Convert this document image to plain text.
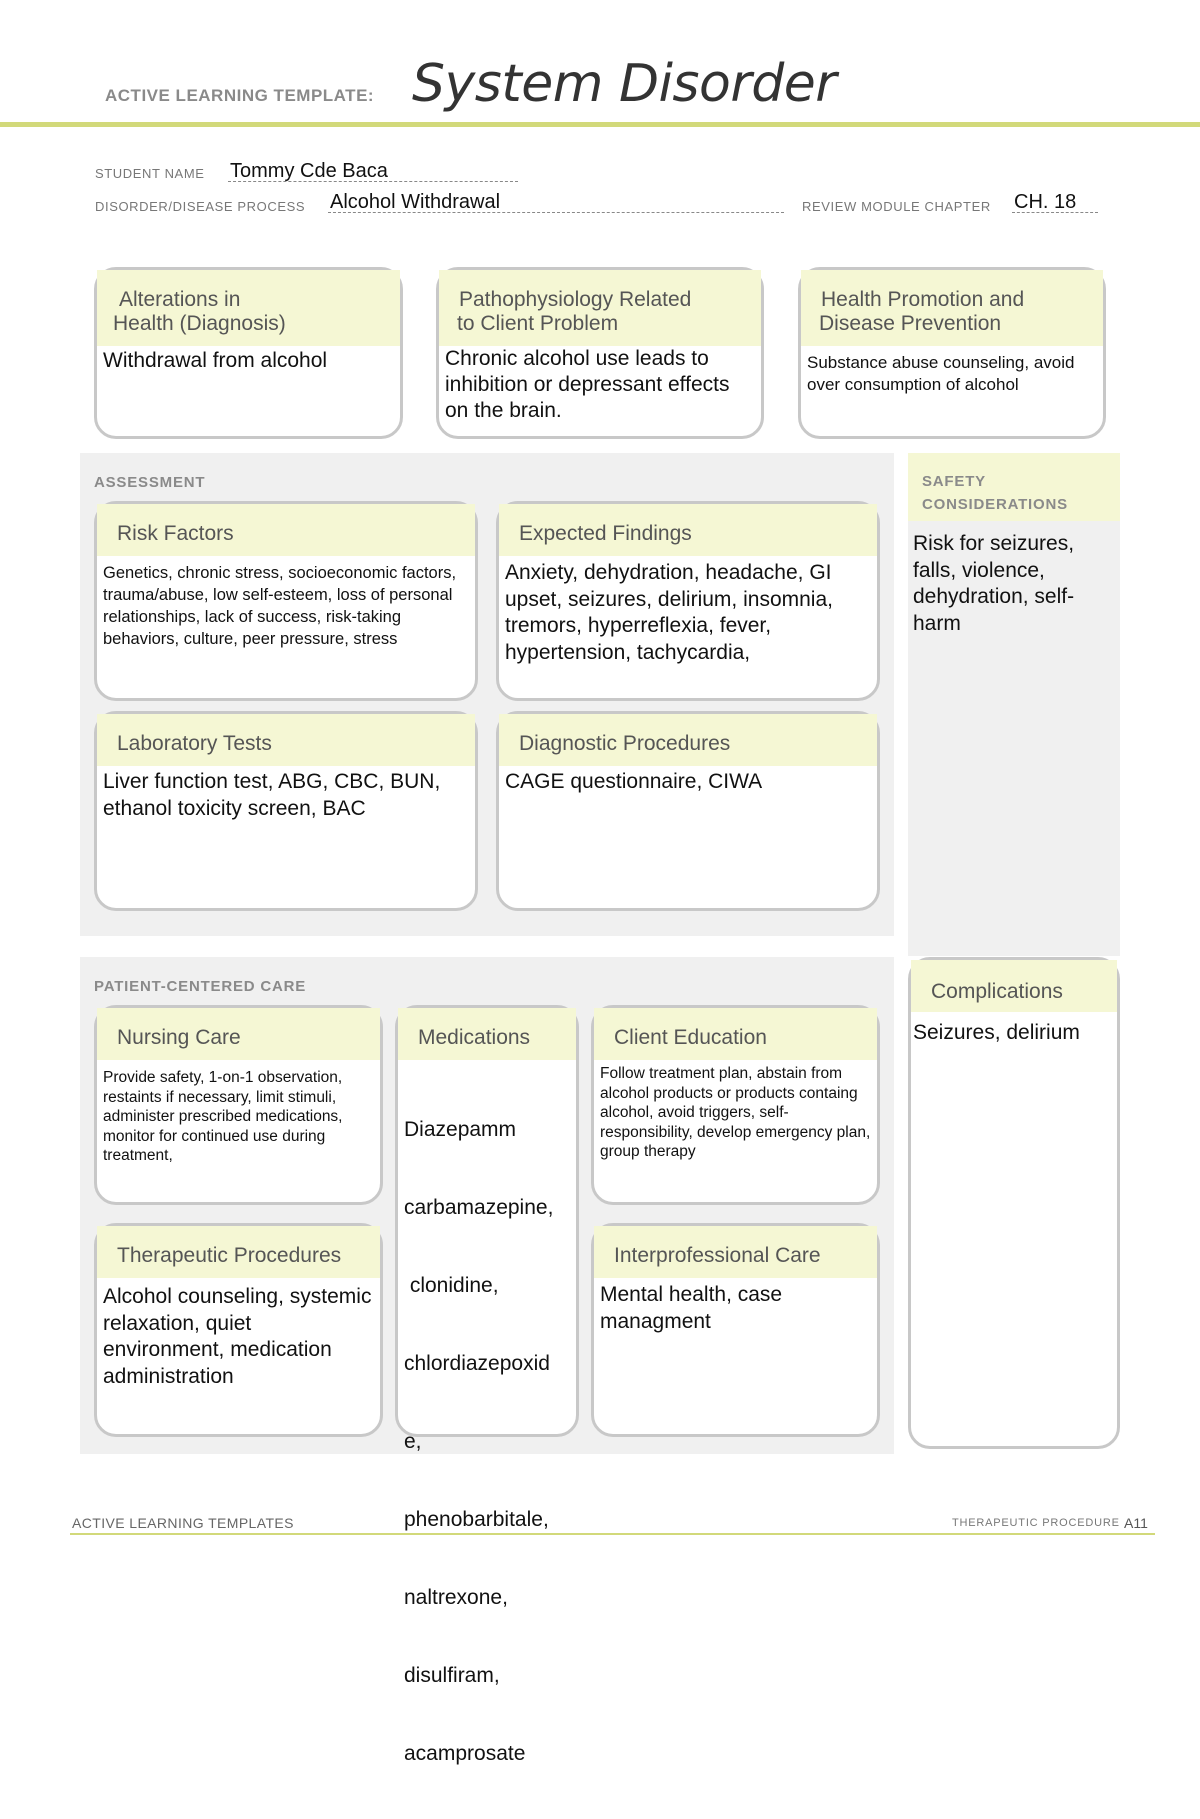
ACTIVE LEARNING TEMPLATE: System Disorder
STUDENT NAME Tommy Cde Baca
DISORDER/DISEASE PROCESS Alcohol Withdrawal	REVIEW MODULE CHAPTER CH. 18
Alterations in
Health (Diagnosis)
Withdrawal from alcohol
Pathophysiology Related
to Client Problem
Chronic alcohol use leads to inhibition or depressant effects on the brain.
Health Promotion and
Disease Prevention
Substance abuse counseling, avoid over consumption of alcohol
ASSESSMENT
Risk Factors
Genetics, chronic stress, socioeconomic factors, trauma/abuse, low self-esteem, loss of personal relationships, lack of success, risk-taking behaviors, culture, peer pressure, stress
Expected Findings
Anxiety, dehydration, headache, GI upset, seizures, delirium, insomnia, tremors, hyperreflexia, fever, hypertension, tachycardia,
Laboratory Tests
Liver function test, ABG, CBC, BUN, ethanol toxicity screen, BAC
Diagnostic Procedures
CAGE questionnaire, CIWA
SAFETY
CONSIDERATIONS
Risk for seizures, falls, violence, dehydration, self-harm
PATIENT-CENTERED CARE
Nursing Care
Provide safety, 1-on-1 observation, restaints if necessary, limit stimuli, administer prescribed medications, monitor for continued use during treatment,
Medications

Diazepamm

carbamazepine,

clonidine,

chlordiazepoxid

e,

phenobarbitale,

naltrexone,

disulfiram,

acamprosate

Client Education
Follow treatment plan, abstain from alcohol products or products containg alcohol, avoid triggers, self-responsibility, develop emergency plan, group therapy
Therapeutic Procedures
Alcohol counseling, systemic relaxation, quiet environment, medication administration
Interprofessional Care
Mental health, case managment
Complications
Seizures, delirium
ACTIVE LEARNING TEMPLATES	THERAPEUTIC PROCEDURE A11
